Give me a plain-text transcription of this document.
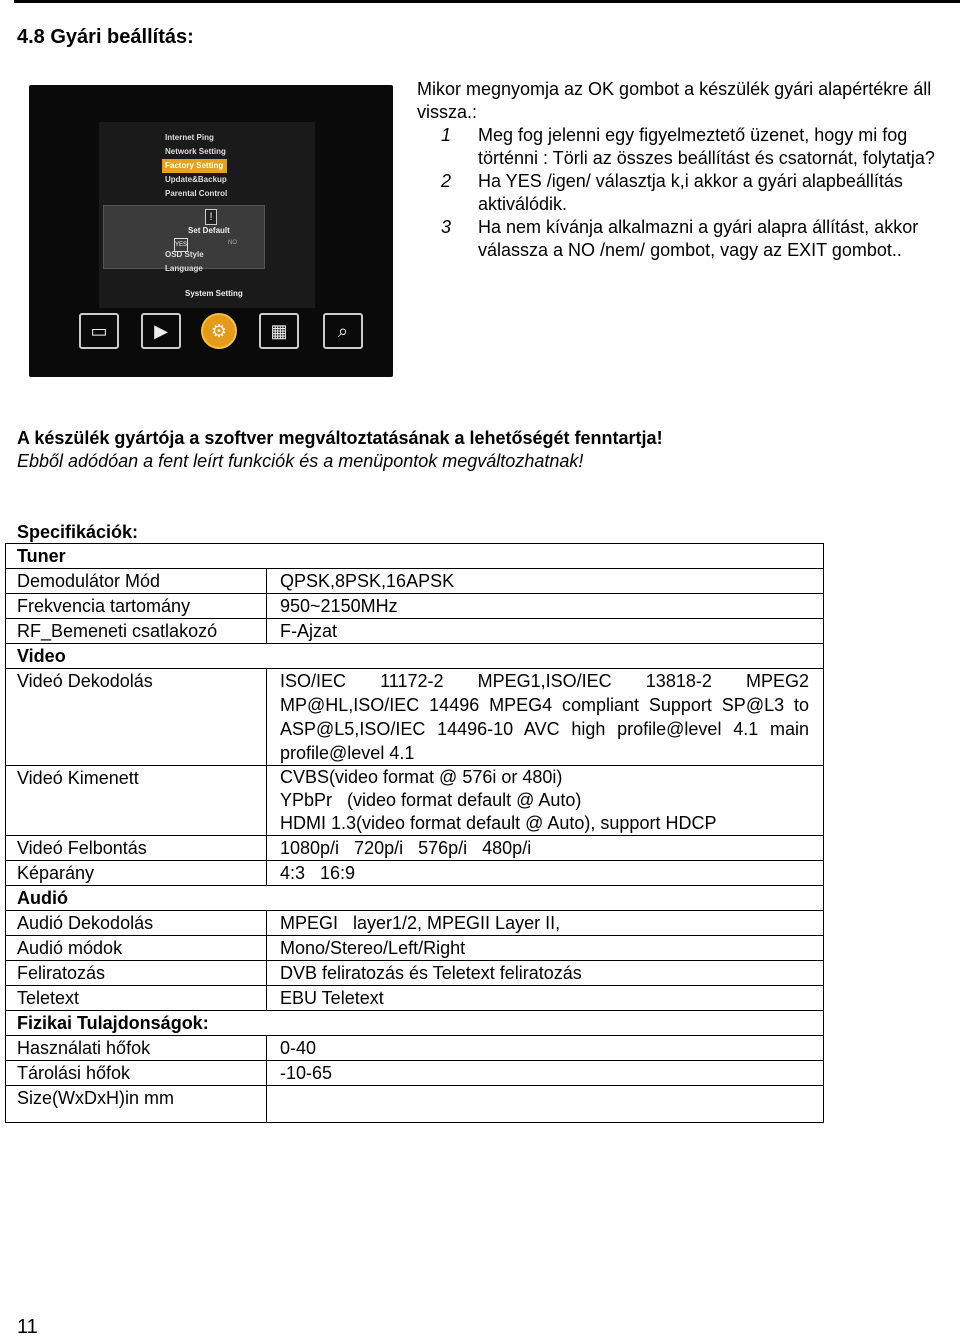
4.8 Gyári beállítás:
Internet Ping
Network Setting
Factory Setting
Update&Backup
Parental Control
!
Set Default
YES	NO
OSD Style
Language
System Setting
▭	▶	⚙	▦	⌕
Mikor megnyomja az OK gombot a készülék gyári alapértékre áll vissza.:
1 Meg fog jelenni egy figyelmeztető üzenet, hogy mi fog történni : Törli az összes beállítást és csatornát, folytatja?
2 Ha YES /igen/ választja k,i akkor a gyári alapbeállítás aktiválódik.
3 Ha nem kívánja alkalmazni a gyári alapra állítást, akkor válassza a NO /nem/ gombot, vagy az EXIT gombot..
A készülék gyártója a szoftver megváltoztatásának a lehetőségét fenntartja!
Ebből adódóan a fent leírt funkciók és a menüpontok megváltozhatnak!
Specifikációk:
Tuner	
Demodulátor Mód	QPSK,8PSK,16APSK
Frekvencia tartomány	950~2150MHz
RF_Bemeneti csatlakozó	F-Ajzat
Video	
Videó Dekodolás	ISO/IEC 11172-2 MPEG1,ISO/IEC 13818-2 MPEG2 MP@HL,ISO/IEC 14496 MPEG4 compliant Support SP@L3 to ASP@L5,ISO/IEC 14496-10 AVC high profile@level 4.1 main profile@level 4.1
Videó Kimenett	CVBS(video format @ 576i or 480i)
YPbPr   (video format default @ Auto)
HDMI 1.3(video format default @ Auto), support HDCP

Videó Felbontás	1080p/i   720p/i   576p/i   480p/i
Képarány	4:3   16:9
Audió	
Audió Dekodolás	MPEGI   layer1/2, MPEGII Layer II,
Audió módok	Mono/Stereo/Left/Right
Feliratozás	DVB feliratozás és Teletext feliratozás
Teletext	EBU Teletext
Fizikai Tulajdonságok:	
Használati hőfok	0-40
Tárolási hőfok	-10-65
Size(WxDxH)in mm	
11
